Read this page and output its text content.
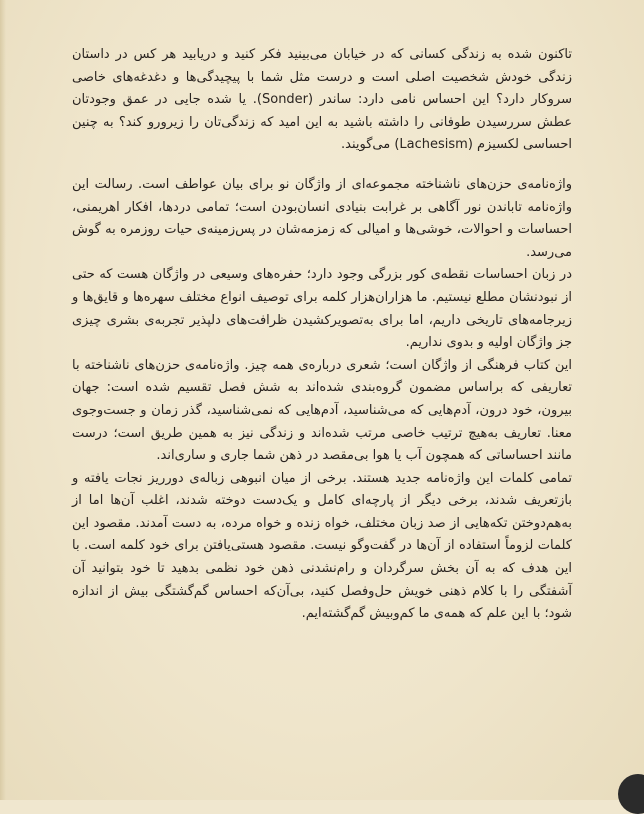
تاکنون شده به زندگی کسانی که در خیابان می‌بینید فکر کنید و دریابید هر کس در داستان زندگی خودش شخصیت اصلی است و درست مثل شما با پیچیدگی‌ها و دغدغه‌های خاصی سروکار دارد؟ این احساس نامی دارد: ساندر (Sonder). یا شده جایی در عمق وجودتان عطش سررسیدن طوفانی را داشته باشید به این امید که زندگی‌تان را زیرورو کند؟ به چنین احساسی لکسیزم (Lachesism) می‌گویند.

واژه‌نامه‌ی حزن‌های ناشناخته مجموعه‌ای از واژگان نو برای بیان عواطف است. رسالت این واژه‌نامه تاباندن نور آگاهی بر غرابت بنیادی انسان‌بودن است؛ تمامی دردها، افکار اهریمنی، احساسات و احوالات، خوشی‌ها و امیالی که زمزمه‌شان در پس‌زمینه‌ی حیات روزمره به گوش می‌رسد.

در زبان احساسات نقطه‌ی کور بزرگی وجود دارد؛ حفره‌های وسیعی در واژگان هست که حتی از نبودنشان مطلع نیستیم. ما هزاران‌هزار کلمه برای توصیف انواع مختلف سهره‌ها و قایق‌ها و زیرجامه‌های تاریخی داریم، اما برای به‌تصویرکشیدن ظرافت‌های دلپذیر تجربه‌ی بشری چیزی جز واژگان اولیه و بدوی نداریم.

این کتاب فرهنگی از واژگان است؛ شعری درباره‌ی همه چیز. واژه‌نامه‌ی حزن‌های ناشناخته با تعاریفی که براساس مضمون گروه‌بندی شده‌اند به شش فصل تقسیم شده است: جهان بیرون، خود درون، آدم‌هایی که می‌شناسید، آدم‌هایی که نمی‌شناسید، گذر زمان و جست‌وجوی معنا. تعاریف به‌هیچ ترتیب خاصی مرتب شده‌اند و زندگی نیز به همین طریق است؛ درست مانند احساساتی که همچون آب یا هوا بی‌مقصد در ذهن شما جاری و ساری‌اند.

تمامی کلمات این واژه‌نامه جدید هستند. برخی از میان انبوهی زباله‌ی دورریز نجات یافته و بازتعریف شدند، برخی دیگر از پارچه‌ای کامل و یک‌دست دوخته شدند، اغلب آن‌ها اما از به‌هم‌دوختن تکه‌هایی از صد زبان مختلف، خواه زنده و خواه مرده، به دست آمدند. مقصود این کلمات لزوماً استفاده از آن‌ها در گفت‌وگو نیست. مقصود هستی‌یافتن برای خود کلمه است. با این هدف که به آن بخش سرگردان و رام‌نشدنی ذهن خود نظمی بدهید تا خود بتوانید آن آشفتگی را با کلام ذهنی خویش حل‌وفصل کنید، بی‌آن‌که احساس گم‌گشتگی بیش از اندازه شود؛ با این علم که همه‌ی ما کم‌وبیش گم‌گشته‌ایم.
